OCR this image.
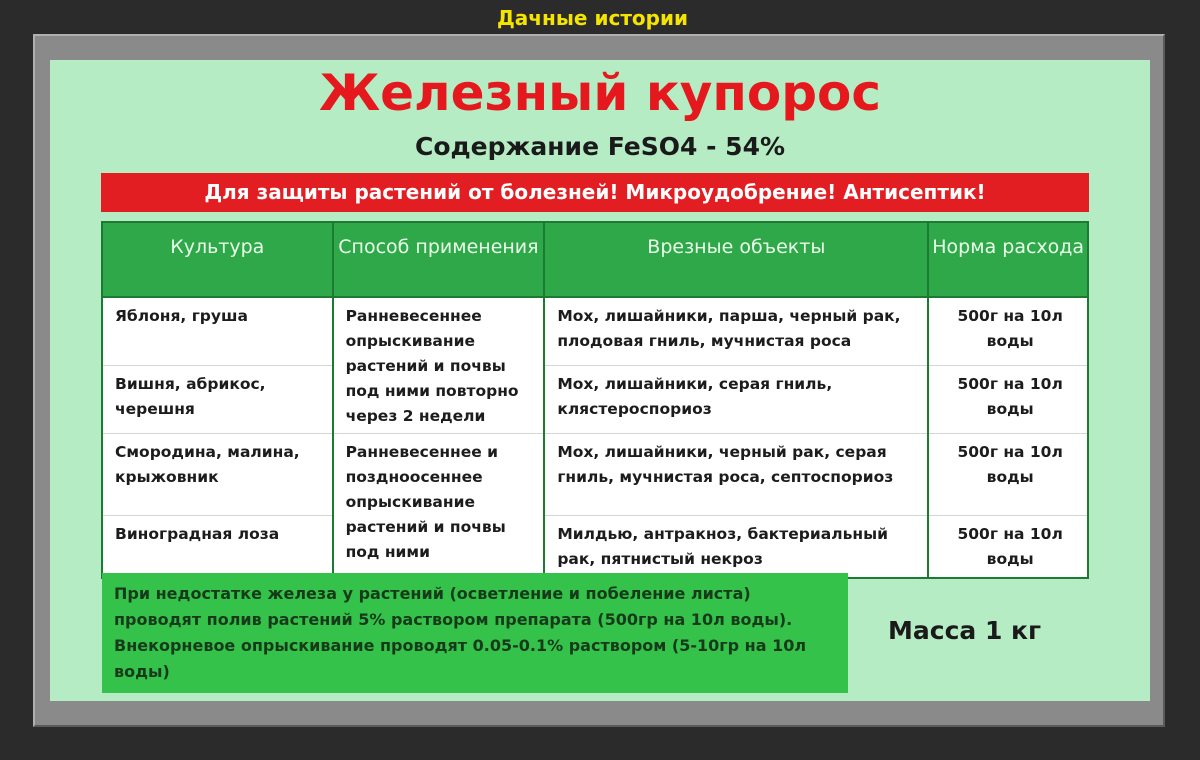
Дачные истории
Железный купорос
Содержание FeSO4 - 54%
Для защиты растений от болезней! Микроудобрение! Антисептик!
Культура	Способ применения	Врезные объекты	Норма расхода
Яблоня, груша	Ранневесеннее опрыскивание растений и почвы под ними повторно через 2 недели	Мох, лишайники, парша, черный рак, плодовая гниль, мучнистая роса	500г на 10л воды
Вишня, абрикос, черешня		Мох, лишайники, серая гниль, клястероспориоз	500г на 10л воды
Смородина, малина, крыжовник	Ранневесеннее и поздноосеннее опрыскивание растений и почвы под ними	Мох, лишайники, черный рак, серая гниль, мучнистая роса, септоспориоз	500г на 10л воды
Виноградная лоза		Милдью, антракноз, бактериальный рак, пятнистый некроз	500г на 10л воды
При недостатке железа у растений (осветление и побеление листа) проводят полив растений 5% раствором препарата (500гр на 10л воды). Внекорневое опрыскивание проводят 0.05-0.1% раствором (5-10гр на 10л воды)
Масса 1 кг
